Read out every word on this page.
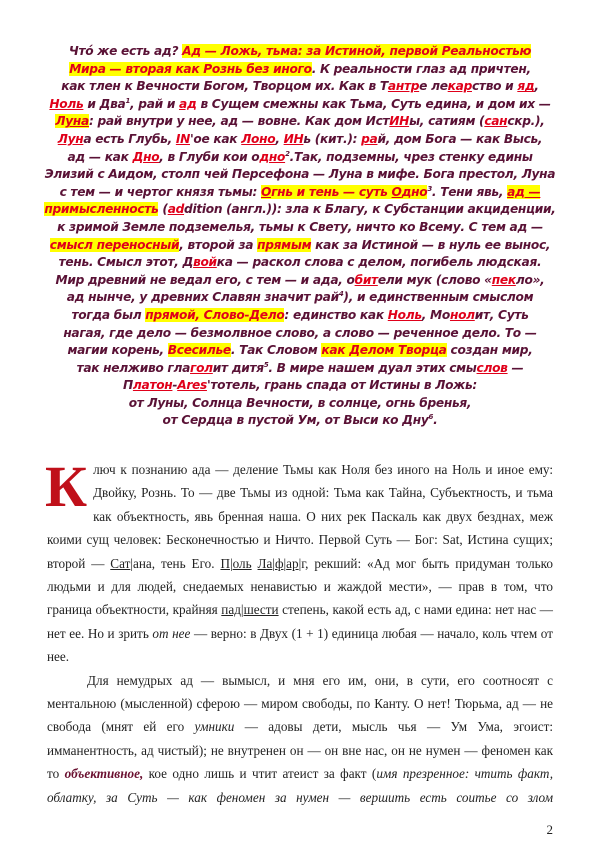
Чтó же есть ад? Ад — Ложь, тьма: за Истиной, первой Реальностью
Мира — вторая как Рознь без иного. К реальности глаз ад причтен,
как тлен к Вечности Богом, Творцом их. Как в Тантре лекарство и яд,
Ноль и Два$^1$, рай и ад в Сущем смежны как Тьма, Суть едина, и дом их —
Луна: рай внутри у нее, ад — вовне. Как дом ИстИНы, сатиям (санскр.),
Луна есть Глубь, IN'ое как Лоно, ИНь (кит.): рай, дом Бога — как Высь,
ад — как Дно, в Глуби кои одно$^2$.Так, подземны, чрез стенку едины
Элизий с Аидом, столп чей Персефона — Луна в мифе. Бога престол, Луна
с тем — и чертог князя тьмы: Огнь и тень — суть Одно$^3$. Тени явь, ад —
примысленность (addition (англ.)): зла к Благу, к Субстанции акциденции,
к зримой Земле подземелья, тьмы к Свету, ничто ко Всему. С тем ад —
смысл переносный, второй за прямым как за Истиной — в нуль ее вынос,
тень. Смысл этот, Двойка — раскол слова с делом, погибель людская.
Мир древний не ведал его, с тем — и ада, обители мук (слово «пекло»,
ад нынче, у древних Славян значит рай$^4$), и единственным смыслом
тогда был прямой, Слово-Дело: единство как Ноль, Монолит, Суть
нагая, где дело — безмолвное слово, а слово — реченное дело. То —
магии корень, Всесилье. Так Словом как Делом Творца создан мир,
так нелживо глаголит дитя$^5$. В мире нашем дуал этих смыслов —
Платон-Ares'тотель, грань спада от Истины в Ложь:
от Луны, Солнца Вечности, в солнце, огнь бренья,
от Сердца в пустой Ум, от Выси ко Дну$^6$.

К люч к познанию ада — деление Тьмы как Ноля без иного на Ноль и иное ему: Двойку, Рознь. То — две Тьмы из одной: Тьма как Тайна, Субъектность, и тьма как объектность, явь бренная наша. О них рек Паскаль как двух безднах, меж коими сущ человек: Бесконечностью и Ничто. Первой Суть — Бог: Sat, Истина сущих; второй — Сат|ана, тень Его. П|оль Ла|ф|ар|г, рекший: «Ад мог быть придуман только людьми и для людей, снедаемых ненавистью и жаждой мести», — прав в том, что граница объектности, крайняя пад|шести степень, какой есть ад, с нами едина: нет нас — нет ее. Но и зрить от нее — верно: в Двух (1 + 1) единица любая — начало, коль чтем от нее.

Для немудрых ад — вымысл, и мня его им, они, в сути, его соотносят с ментальною (мысленной) сферою — миром свободы, по Канту. О нет! Тюрьма, ад — не свобода (мнят ей его умники — адовы дети, мысль чья — Ум Ума, эгоист: имманентность, ад чистый); не внутренен он — он вне нас, он не нумен — феномен как то объективное, кое одно лишь и чтит атеист за факт (имя презренное: чтить факт, облатку, за Суть — как феномен за нумен — вершить есть соитье со злом

2
